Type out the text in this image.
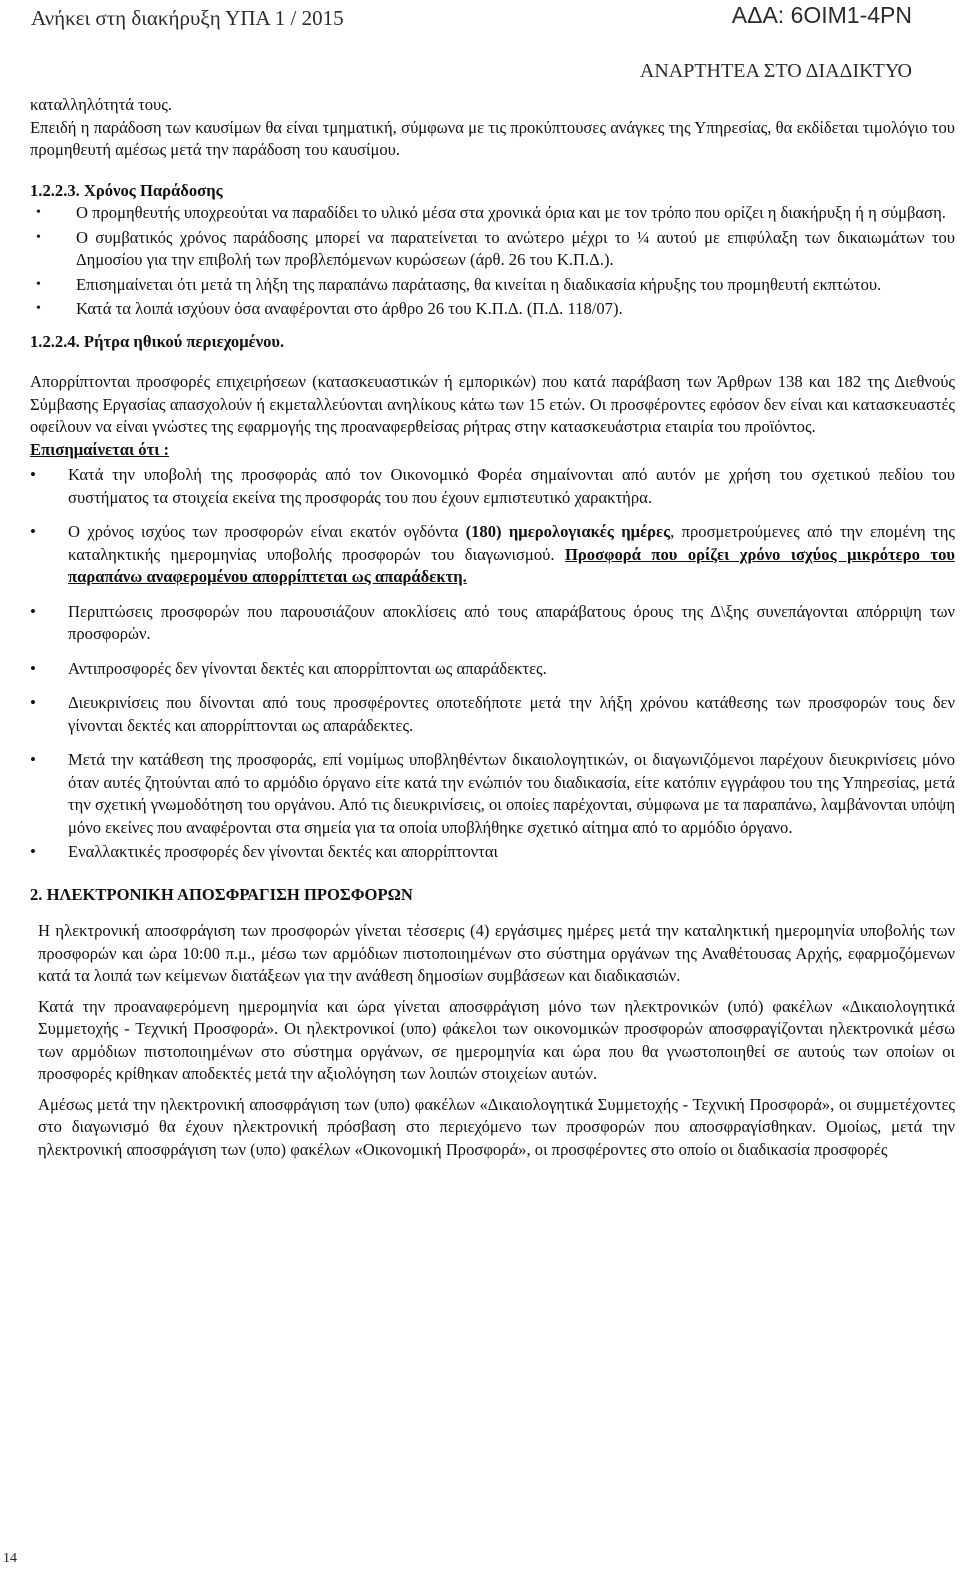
Ανήκει στη διακήρυξη ΥΠΑ 1 / 2015	ΑΔΑ: 6ΟΙΜ1-4ΡΝ
ΑΝΑΡΤΗΤΕΑ ΣΤΟ ΔΙΑΔΙΚΤΥΟ

καταλληλότητά τους.

Επειδή η παράδοση των καυσίμων θα είναι τμηματική, σύμφωνα με τις προκύπτουσες ανάγκες της Υπηρεσίας, θα εκδίδεται τιμολόγιο του προμηθευτή αμέσως μετά την παράδοση του καυσίμου.

1.2.2.3. Χρόνος Παράδοσης

• Ο προμηθευτής υποχρεούται να παραδίδει το υλικό μέσα στα χρονικά όρια και με τον τρόπο που ορίζει η διακήρυξη ή η σύμβαση.
• Ο συμβατικός χρόνος παράδοσης μπορεί να παρατείνεται το ανώτερο μέχρι το ¼ αυτού με επιφύλαξη των δικαιωμάτων του Δημοσίου για την επιβολή των προβλεπόμενων κυρώσεων (άρθ. 26 του Κ.Π.Δ.).
• Επισημαίνεται ότι μετά τη λήξη της παραπάνω παράτασης, θα κινείται η διαδικασία κήρυξης του προμηθευτή εκπτώτου.
• Κατά τα λοιπά ισχύουν όσα αναφέρονται στο άρθρο 26 του Κ.Π.Δ. (Π.Δ. 118/07).

1.2.2.4. Ρήτρα ηθικού περιεχομένου.

Απορρίπτονται προσφορές επιχειρήσεων (κατασκευαστικών ή εμπορικών) που κατά παράβαση των Άρθρων 138 και 182 της Διεθνούς Σύμβασης Εργασίας απασχολούν ή εκμεταλλεύονται ανηλίκους κάτω των 15 ετών. Οι προσφέροντες εφόσον δεν είναι και κατασκευαστές οφείλουν να είναι γνώστες της εφαρμογής της προαναφερθείσας ρήτρας στην κατασκευάστρια εταιρία του προϊόντος.

Επισημαίνεται ότι :

• Κατά την υποβολή της προσφοράς από τον Οικονομικό Φορέα σημαίνονται από αυτόν με χρήση του σχετικού πεδίου του συστήματος τα στοιχεία εκείνα της προσφοράς του που έχουν εμπιστευτικό χαρακτήρα.
• Ο χρόνος ισχύος των προσφορών είναι εκατόν ογδόντα (180) ημερολογιακές ημέρες, προσμετρούμενες από την επομένη της καταληκτικής ημερομηνίας υποβολής προσφορών του διαγωνισμού. Προσφορά που ορίζει χρόνο ισχύος μικρότερο του παραπάνω αναφερομένου απορρίπτεται ως απαράδεκτη.
• Περιπτώσεις προσφορών που παρουσιάζουν αποκλίσεις από τους απαράβατους όρους της Δ\ξης συνεπάγονται απόρριψη των προσφορών.
• Αντιπροσφορές δεν γίνονται δεκτές και απορρίπτονται ως απαράδεκτες.
• Διευκρινίσεις που δίνονται από τους προσφέροντες οποτεδήποτε μετά την λήξη χρόνου κατάθεσης των προσφορών τους δεν γίνονται δεκτές και απορρίπτονται ως απαράδεκτες.
• Μετά την κατάθεση της προσφοράς, επί νομίμως υποβληθέντων δικαιολογητικών, οι διαγωνιζόμενοι παρέχουν διευκρινίσεις μόνο όταν αυτές ζητούνται από το αρμόδιο όργανο είτε κατά την ενώπιόν του διαδικασία, είτε κατόπιν εγγράφου του της Υπηρεσίας, μετά την σχετική γνωμοδότηση του οργάνου. Από τις διευκρινίσεις, οι οποίες παρέχονται, σύμφωνα με τα παραπάνω, λαμβάνονται υπόψη μόνο εκείνες που αναφέρονται στα σημεία για τα οποία υποβλήθηκε σχετικό αίτημα από το αρμόδιο όργανο.
• Εναλλακτικές προσφορές δεν γίνονται δεκτές και απορρίπτονται

2. ΗΛΕΚΤΡΟΝΙΚΗ ΑΠΟΣΦΡΑΓΙΣΗ ΠΡΟΣΦΟΡΩΝ

Η ηλεκτρονική αποσφράγιση των προσφορών γίνεται τέσσερις (4) εργάσιμες ημέρες μετά την καταληκτική ημερομηνία υποβολής των προσφορών και ώρα 10:00 π.μ., μέσω των αρμόδιων πιστοποιημένων στο σύστημα οργάνων της Αναθέτουσας Αρχής, εφαρμοζόμενων κατά τα λοιπά των κείμενων διατάξεων για την ανάθεση δημοσίων συμβάσεων και διαδικασιών.

Κατά την προαναφερόμενη ημερομηνία και ώρα γίνεται αποσφράγιση μόνο των ηλεκτρονικών (υπό) φακέλων «Δικαιολογητικά Συμμετοχής - Τεχνική Προσφορά». Οι ηλεκτρονικοί (υπο) φάκελοι των οικονομικών προσφορών αποσφραγίζονται ηλεκτρονικά μέσω των αρμόδιων πιστοποιημένων στο σύστημα οργάνων, σε ημερομηνία και ώρα που θα γνωστοποιηθεί σε αυτούς των οποίων οι προσφορές κρίθηκαν αποδεκτές μετά την αξιολόγηση των λοιπών στοιχείων αυτών.

Αμέσως μετά την ηλεκτρονική αποσφράγιση των (υπο) φακέλων «Δικαιολογητικά Συμμετοχής - Τεχνική Προσφορά», οι συμμετέχοντες στο διαγωνισμό θα έχουν ηλεκτρονική πρόσβαση στο περιεχόμενο των προσφορών που αποσφραγίσθηκαν. Ομοίως, μετά την ηλεκτρονική αποσφράγιση των (υπο) φακέλων «Οικονομική Προσφορά», οι προσφέροντες στο οποίο οι διαδικασία προσφορές

14
